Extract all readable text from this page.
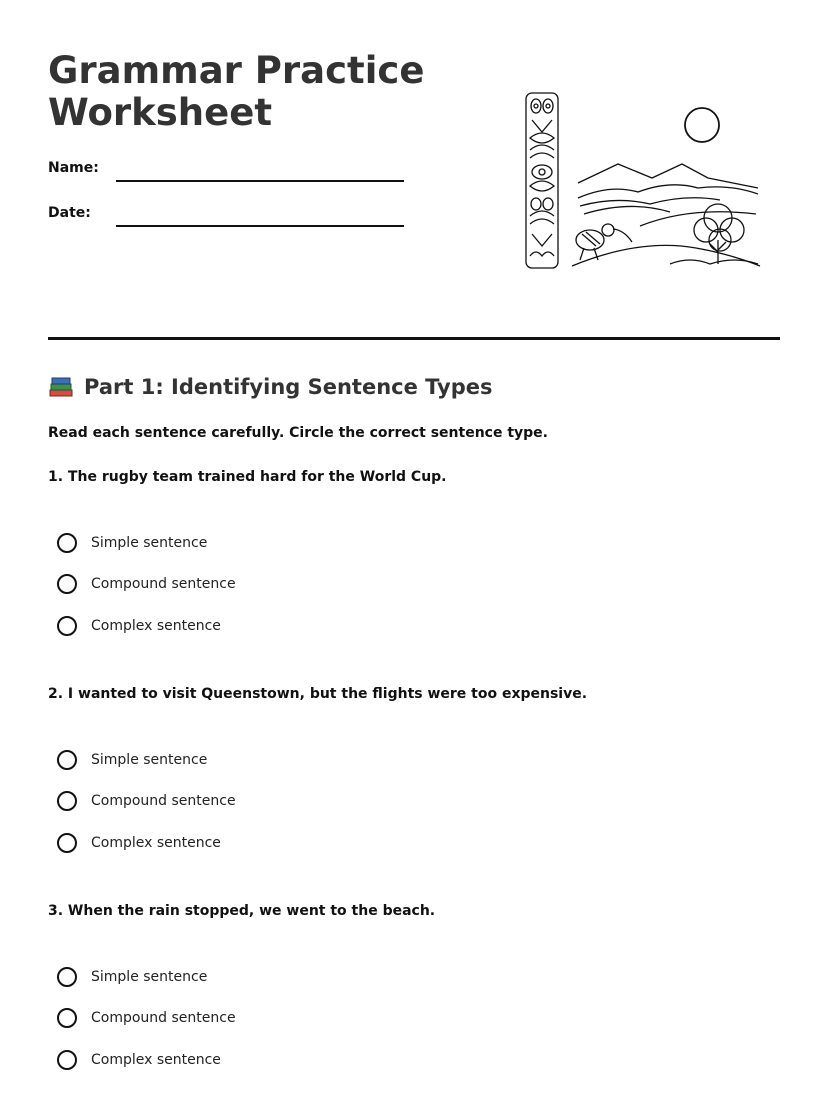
Grammar Practice
Worksheet
Name:
Date:
Part 1: Identifying Sentence Types

Read each sentence carefully. Circle the correct sentence type.

1. The rugby team trained hard for the World Cup.

Simple sentence
Compound sentence
Complex sentence

2. I wanted to visit Queenstown, but the flights were too expensive.

Simple sentence
Compound sentence
Complex sentence

3. When the rain stopped, we went to the beach.

Simple sentence
Compound sentence
Complex sentence
